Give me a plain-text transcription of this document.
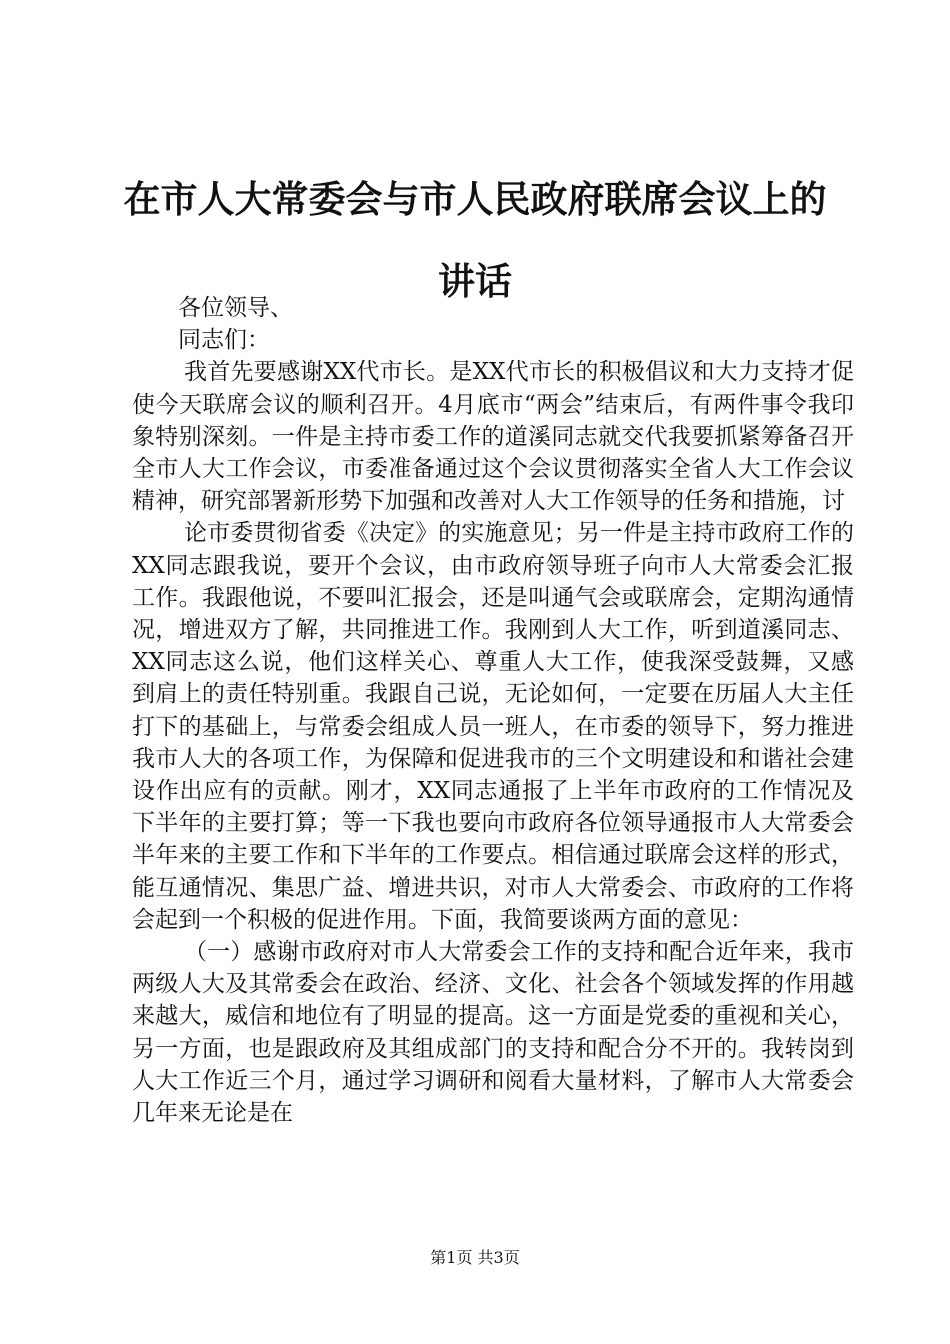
在市人大常委会与市人民政府联席会议上的讲话
各位领导、
同志们：

我首先要感谢XX代市长。是XX代市长的积极倡议和大力支持才促使今天联席会议的顺利召开。4月底市“两会”结束后，有两件事令我印象特别深刻。一件是主持市委工作的道溪同志就交代我要抓紧筹备召开全市人大工作会议，市委准备通过这个会议贯彻落实全省人大工作会议精神，研究部署新形势下加强和改善对人大工作领导的任务和措施，讨

论市委贯彻省委《决定》的实施意见；另一件是主持市政府工作的XX同志跟我说，要开个会议，由市政府领导班子向市人大常委会汇报工作。我跟他说，不要叫汇报会，还是叫通气会或联席会，定期沟通情况，增进双方了解，共同推进工作。我刚到人大工作，听到道溪同志、XX同志这么说，他们这样关心、尊重人大工作，使我深受鼓舞，又感到肩上的责任特别重。我跟自己说，无论如何，一定要在历届人大主任打下的基础上，与常委会组成人员一班人，在市委的领导下，努力推进我市人大的各项工作，为保障和促进我市的三个文明建设和和谐社会建设作出应有的贡献。刚才，XX同志通报了上半年市政府的工作情况及下半年的主要打算；等一下我也要向市政府各位领导通报市人大常委会半年来的主要工作和下半年的工作要点。相信通过联席会这样的形式，能互通情况、集思广益、增进共识，对市人大常委会、市政府的工作将会起到一个积极的促进作用。下面，我简要谈两方面的意见：

（一）感谢市政府对市人大常委会工作的支持和配合近年来，我市两级人大及其常委会在政治、经济、文化、社会各个领域发挥的作用越来越大，威信和地位有了明显的提高。这一方面是党委的重视和关心，另一方面，也是跟政府及其组成部门的支持和配合分不开的。我转岗到人大工作近三个月，通过学习调研和阅看大量材料，了解市人大常委会几年来无论是在

第1页 共3页
